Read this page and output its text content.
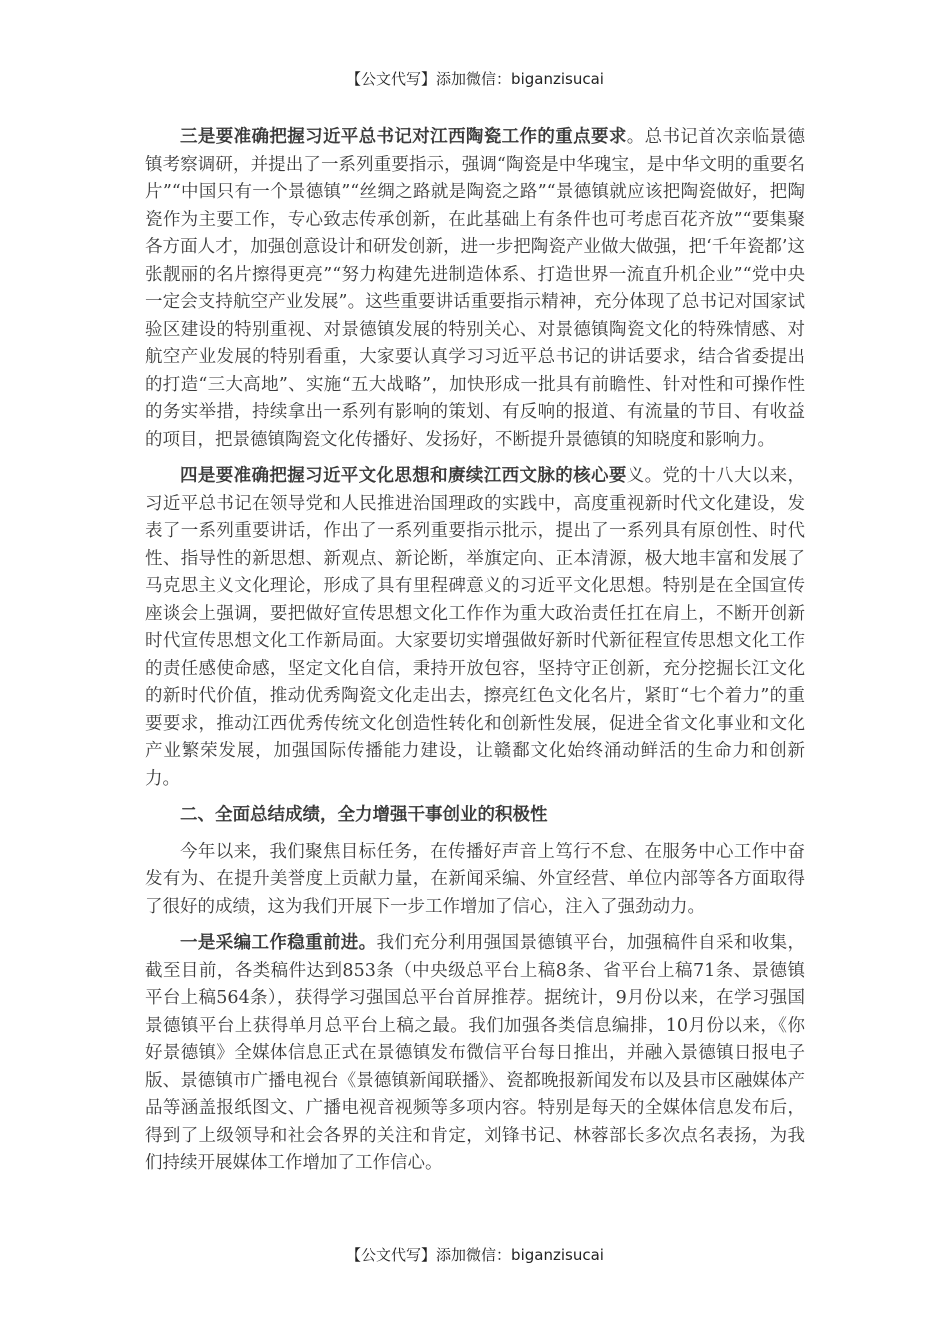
【公文代写】添加微信：biganzisucai

三是要准确把握习近平总书记对江西陶瓷工作的重点要求。总书记首次亲临景德镇考察调研，并提出了一系列重要指示，强调“陶瓷是中华瑰宝，是中华文明的重要名片”“中国只有一个景德镇”“丝绸之路就是陶瓷之路”“景德镇就应该把陶瓷做好，把陶瓷作为主要工作，专心致志传承创新，在此基础上有条件也可考虑百花齐放”“要集聚各方面人才，加强创意设计和研发创新，进一步把陶瓷产业做大做强，把‘千年瓷都’这张靓丽的名片擦得更亮”“努力构建先进制造体系、打造世界一流直升机企业”“党中央一定会支持航空产业发展”。这些重要讲话重要指示精神，充分体现了总书记对国家试验区建设的特别重视、对景德镇发展的特别关心、对景德镇陶瓷文化的特殊情感、对航空产业发展的特别看重，大家要认真学习习近平总书记的讲话要求，结合省委提出的打造“三大高地”、实施“五大战略”，加快形成一批具有前瞻性、针对性和可操作性的务实举措，持续拿出一系列有影响的策划、有反响的报道、有流量的节目、有收益的项目，把景德镇陶瓷文化传播好、发扬好，不断提升景德镇的知晓度和影响力。

四是要准确把握习近平文化思想和赓续江西文脉的核心要义。党的十八大以来，习近平总书记在领导党和人民推进治国理政的实践中，高度重视新时代文化建设，发表了一系列重要讲话，作出了一系列重要指示批示，提出了一系列具有原创性、时代性、指导性的新思想、新观点、新论断，举旗定向、正本清源，极大地丰富和发展了马克思主义文化理论，形成了具有里程碑意义的习近平文化思想。特别是在全国宣传座谈会上强调，要把做好宣传思想文化工作作为重大政治责任扛在肩上，不断开创新时代宣传思想文化工作新局面。大家要切实增强做好新时代新征程宣传思想文化工作的责任感使命感，坚定文化自信，秉持开放包容，坚持守正创新，充分挖掘长江文化的新时代价值，推动优秀陶瓷文化走出去，擦亮红色文化名片，紧盯“七个着力”的重要要求，推动江西优秀传统文化创造性转化和创新性发展，促进全省文化事业和文化产业繁荣发展，加强国际传播能力建设，让赣鄱文化始终涌动鲜活的生命力和创新力。

二、全面总结成绩，全力增强干事创业的积极性

今年以来，我们聚焦目标任务，在传播好声音上笃行不怠、在服务中心工作中奋发有为、在提升美誉度上贡献力量，在新闻采编、外宣经营、单位内部等各方面取得了很好的成绩，这为我们开展下一步工作增加了信心，注入了强劲动力。

一是采编工作稳重前进。我们充分利用强国景德镇平台，加强稿件自采和收集，截至目前，各类稿件达到853条（中央级总平台上稿8条、省平台上稿71条、景德镇平台上稿564条），获得学习强国总平台首屏推荐。据统计，9月份以来，在学习强国景德镇平台上获得单月总平台上稿之最。我们加强各类信息编排，10月份以来，《你好景德镇》全媒体信息正式在景德镇发布微信平台每日推出，并融入景德镇日报电子版、景德镇市广播电视台《景德镇新闻联播》、瓷都晚报新闻发布以及县市区融媒体产品等涵盖报纸图文、广播电视音视频等多项内容。特别是每天的全媒体信息发布后，得到了上级领导和社会各界的关注和肯定，刘锋书记、林蓉部长多次点名表扬，为我们持续开展媒体工作增加了工作信心。

【公文代写】添加微信：biganzisucai
